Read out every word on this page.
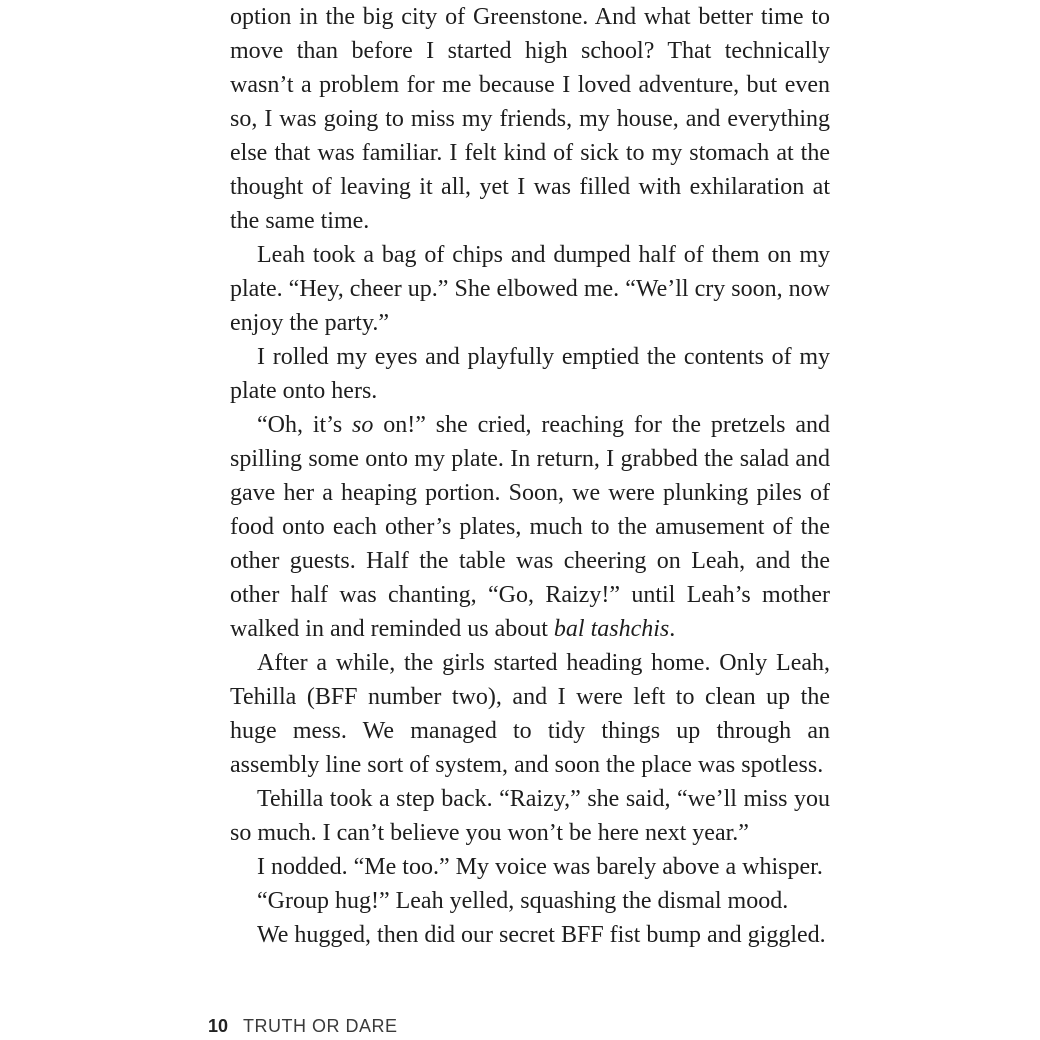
option in the big city of Greenstone. And what better time to move than before I started high school? That technically wasn’t a problem for me because I loved adventure, but even so, I was going to miss my friends, my house, and everything else that was familiar. I felt kind of sick to my stomach at the thought of leaving it all, yet I was filled with exhilaration at the same time.

Leah took a bag of chips and dumped half of them on my plate. “Hey, cheer up.” She elbowed me. “We’ll cry soon, now enjoy the party.”

I rolled my eyes and playfully emptied the contents of my plate onto hers.

“Oh, it’s so on!” she cried, reaching for the pretzels and spilling some onto my plate. In return, I grabbed the salad and gave her a heaping portion. Soon, we were plunking piles of food onto each other’s plates, much to the amusement of the other guests. Half the table was cheering on Leah, and the other half was chanting, “Go, Raizy!” until Leah’s mother walked in and reminded us about bal tashchis.

After a while, the girls started heading home. Only Leah, Tehilla (BFF number two), and I were left to clean up the huge mess. We managed to tidy things up through an assembly line sort of system, and soon the place was spotless.

Tehilla took a step back. “Raizy,” she said, “we’ll miss you so much. I can’t believe you won’t be here next year.”

I nodded. “Me too.” My voice was barely above a whisper.

“Group hug!” Leah yelled, squashing the dismal mood.

We hugged, then did our secret BFF fist bump and giggled.

10 TRUTH OR DARE
